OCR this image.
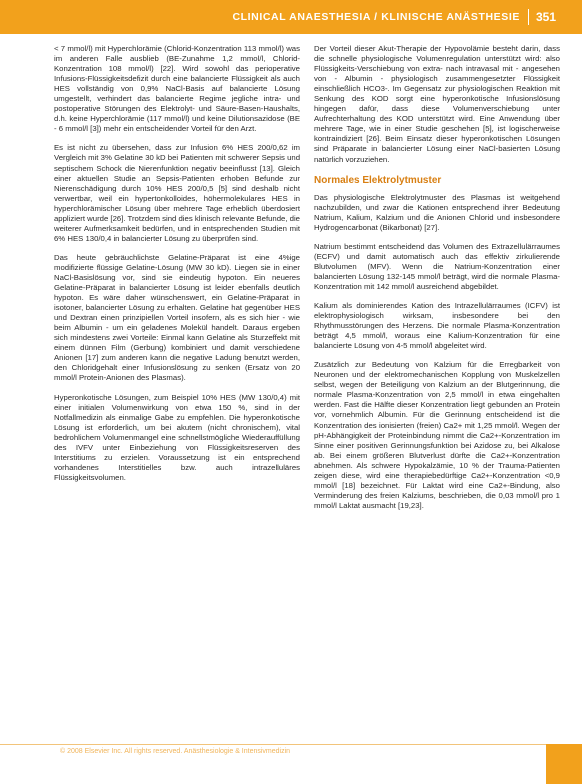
CLINICAL ANAESTHESIA / KLINISCHE ANÄSTHESIE 351

< 7 mmol/l) mit Hyperchlorämie (Chlorid-Konzentration 113 mmol/l) was im anderen Falle ausblieb (BE-Zunahme 1,2 mmol/l, Chlorid-Konzentration 108 mmol/l) [22]. Wird sowohl das perioperative Infusions-Flüssigkeitsdefizit durch eine balancierte Flüssigkeit als auch HES vollständig von 0,9% NaCl-Basis auf balancierte Lösung umgestellt, verhindert das balancierte Regime jegliche intra- und postoperative Störungen des Elektrolyt- und Säure-Basen-Haushalts, d.h. keine Hyperchlorämie (117 mmol/l) und keine Dilutionsazidose (BE - 6 mmol/l [3]) mehr ein entscheidender Vorteil für den Arzt.

Es ist nicht zu übersehen, dass zur Infusion 6% HES 200/0,62 im Vergleich mit 3% Gelatine 30 kD bei Patienten mit schwerer Sepsis und septischem Schock die Nierenfunktion negativ beeinflusst [13]. Gleich einer aktuellen Studie an Sepsis-Patienten erhoben Befunde zur Nierenschädigung durch 10% HES 200/0,5 [5] sind deshalb nicht verwertbar, weil ein hypertonkolloides, höhermolekulares HES in hyperchlorämischer Lösung über mehrere Tage erheblich überdosiert appliziert wurde [26]. Trotzdem sind dies klinisch relevante Befunde, die weiterer Aufmerksamkeit bedürfen, und in entsprechenden Studien mit 6% HES 130/0,4 in balancierter Lösung zu überprüfen sind.

Das heute gebräuchlichste Gelatine-Präparat ist eine 4%ige modifizierte flüssige Gelatine-Lösung (MW 30 kD). Liegen sie in einer NaCl-Basislösung vor, sind sie eindeutig hypoton. Ein neueres Gelatine-Präparat in balancierter Lösung ist leider ebenfalls deutlich hypoton. Es wäre daher wünschenswert, ein Gelatine-Präparat in isotoner, balancierter Lösung zu erhalten. Gelatine hat gegenüber HES und Dextran einen prinzipiellen Vorteil insofern, als es sich hier - wie beim Albumin - um ein geladenes Molekül handelt. Daraus ergeben sich mindestens zwei Vorteile: Einmal kann Gelatine als Sturzeffekt mit einem dünnen Film (Gerbung) kombiniert und damit verschiedene Anionen [17] zum anderen kann die negative Ladung benutzt werden, den Chloridgehalt einer Infusionslösung zu senken (Ersatz von 20 mmol/l Protein-Anionen des Plasmas).

Hyperonkotische Lösungen, zum Beispiel 10% HES (MW 130/0,4) mit einer initialen Volumenwirkung von etwa 150 %, sind in der Notfallmedizin als einmalige Gabe zu empfehlen. Die hyperonkotische Lösung ist erforderlich, um bei akutem (nicht chronischem), vital bedrohlichem Volumenmangel eine schnellstmögliche Wiederauffüllung des IVFV unter Einbeziehung von Flüssigkeitsreserven des Interstitiums zu erzielen. Voraussetzung ist ein entsprechend vorhandenes Interstitielles bzw. auch intrazelluläres Flüssigkeitsvolumen.

Der Vorteil dieser Akut-Therapie der Hypovolämie besteht darin, dass die schnelle physiologische Volumenregulation unterstützt wird: also Flüssigkeits-Verschiebung von extra- nach intravasal mit - angesehen von - Albumin - physiologisch zusammengesetzter Flüssigkeit einschließlich HCO3-. Im Gegensatz zur physiologischen Reaktion mit Senkung des KOD sorgt eine hyperonkotische Infusionslösung hingegen dafür, dass diese Volumenverschiebung unter Aufrechterhaltung des KOD unterstützt wird. Eine Anwendung über mehrere Tage, wie in einer Studie geschehen [5], ist logischerweise kontraindiziert [26]. Beim Einsatz dieser hyperonkotischen Lösungen sind Präparate in balancierter Lösung einer NaCl-basierten Lösung natürlich vorzuziehen.

Normales Elektrolytmuster

Das physiologische Elektrolytmuster des Plasmas ist weitgehend nachzubilden, und zwar die Kationen entsprechend ihrer Bedeutung Natrium, Kalium, Kalzium und die Anionen Chlorid und insbesondere Hydrogencarbonat (Bikarbonat) [27].

Natrium bestimmt entscheidend das Volumen des Extrazellulärraumes (ECFV) und damit automatisch auch das effektiv zirkulierende Blutvolumen (MFV). Wenn die Natrium-Konzentration einer balancierten Lösung 132-145 mmol/l beträgt, wird die normale Plasma-Konzentration mit 142 mmol/l ausreichend abgebildet.

Kalium als dominierendes Kation des Intrazellulärraumes (ICFV) ist elektrophysiologisch wirksam, insbesondere bei den Rhythmusstörungen des Herzens. Die normale Plasma-Konzentration beträgt 4,5 mmol/l, woraus eine Kalium-Konzentration für eine balancierte Lösung von 4-5 mmol/l abgeleitet wird.

Zusätzlich zur Bedeutung von Kalzium für die Erregbarkeit von Neuronen und der elektromechanischen Kopplung von Muskelzellen selbst, wegen der Beteiligung von Kalzium an der Blutgerinnung, die normale Plasma-Konzentration von 2,5 mmol/l in etwa eingehalten werden. Fast die Hälfte dieser Konzentration liegt gebunden an Protein vor, vornehmlich Albumin. Für die Gerinnung entscheidend ist die Konzentration des ionisierten (freien) Ca2+ mit 1,25 mmol/l. Wegen der pH-Abhängigkeit der Proteinbindung nimmt die Ca2+-Konzentration im Sinne einer positiven Gerinnungsfunktion bei Azidose zu, bei Alkalose ab. Bei einem größeren Blutverlust dürfte die Ca2+-Konzentration abnehmen. Als schwere Hypokalzämie, 10 % der Trauma-Patienten zeigen diese, wird eine therapiebedürftige Ca2+-Konzentration <0,9 mmol/l [18] bezeichnet. Für Laktat wird eine Ca2+-Bindung, also Verminderung des freien Kalziums, beschrieben, die 0,03 mmol/l pro 1 mmol/l Laktat ausmacht [19,23].

© 2008 Elsevier Inc. All rights reserved. Anästhesiologie & Intensivmedizin
